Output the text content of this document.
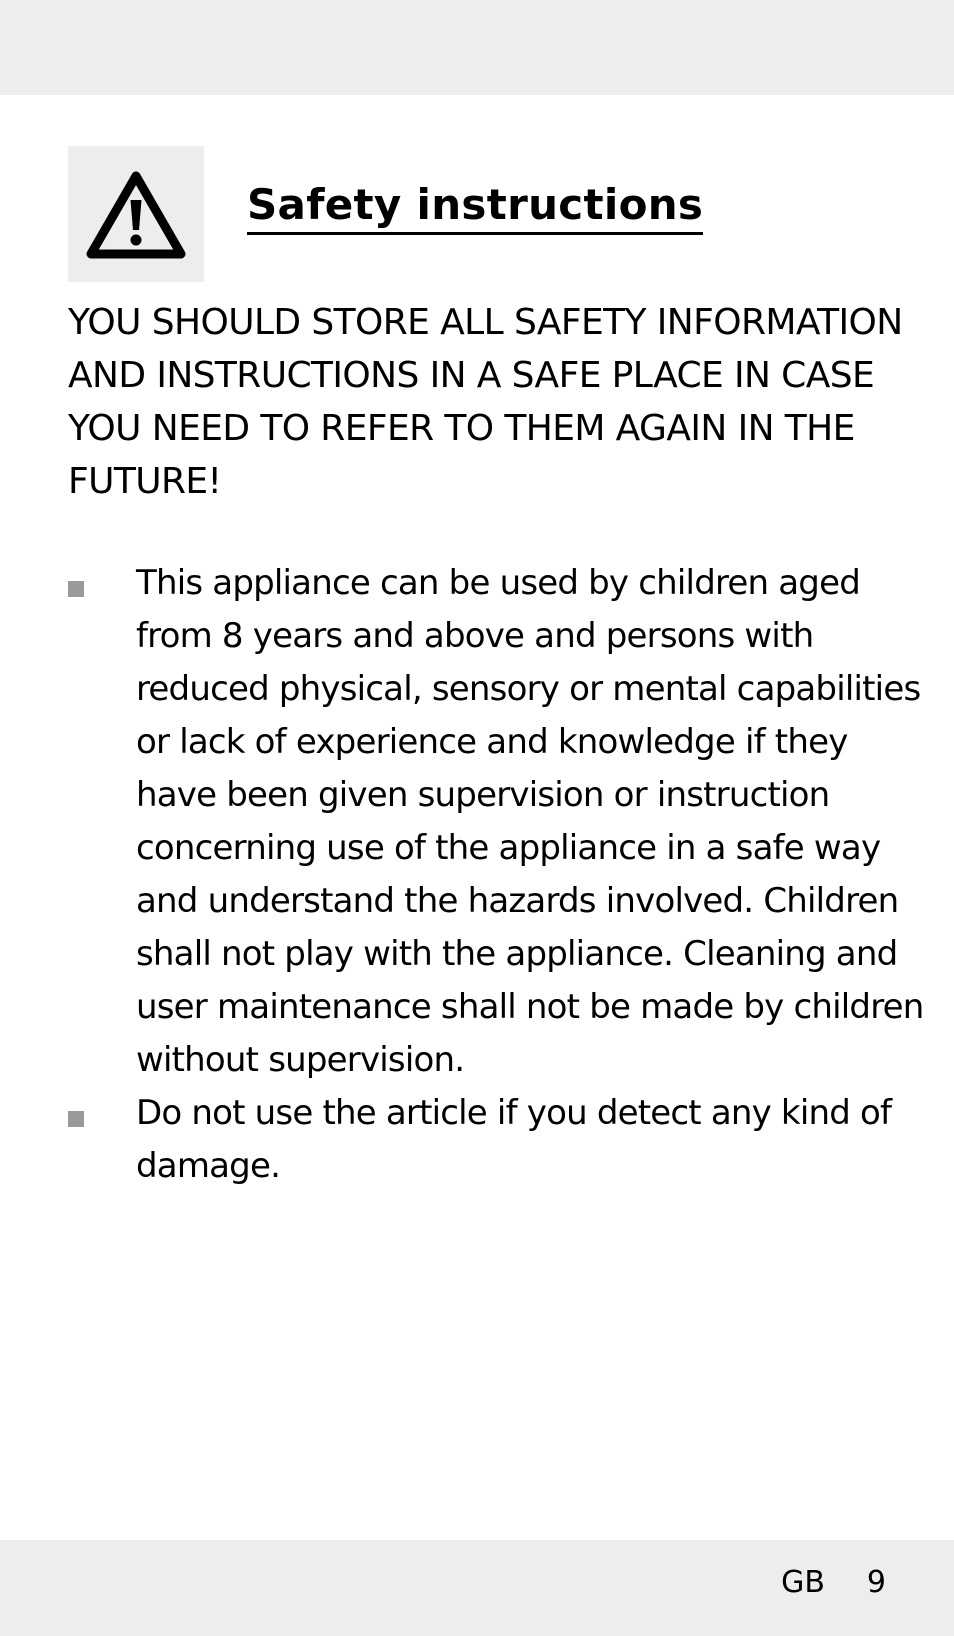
Safety instructions

YOU SHOULD STORE ALL SAFETY INFORMATION AND INSTRUCTIONS IN A SAFE PLACE IN CASE YOU NEED TO REFER TO THEM AGAIN IN THE FUTURE!

This appliance can be used by children aged from 8 years and above and persons with reduced physical, sensory or mental capabilities or lack of experience and knowledge if they have been given supervision or instruction concerning use of the appliance in a safe way and understand the hazards involved. Children shall not play with the appliance. Cleaning and user maintenance shall not be made by children without supervision.
Do not use the article if you detect any kind of damage.
GB 9
